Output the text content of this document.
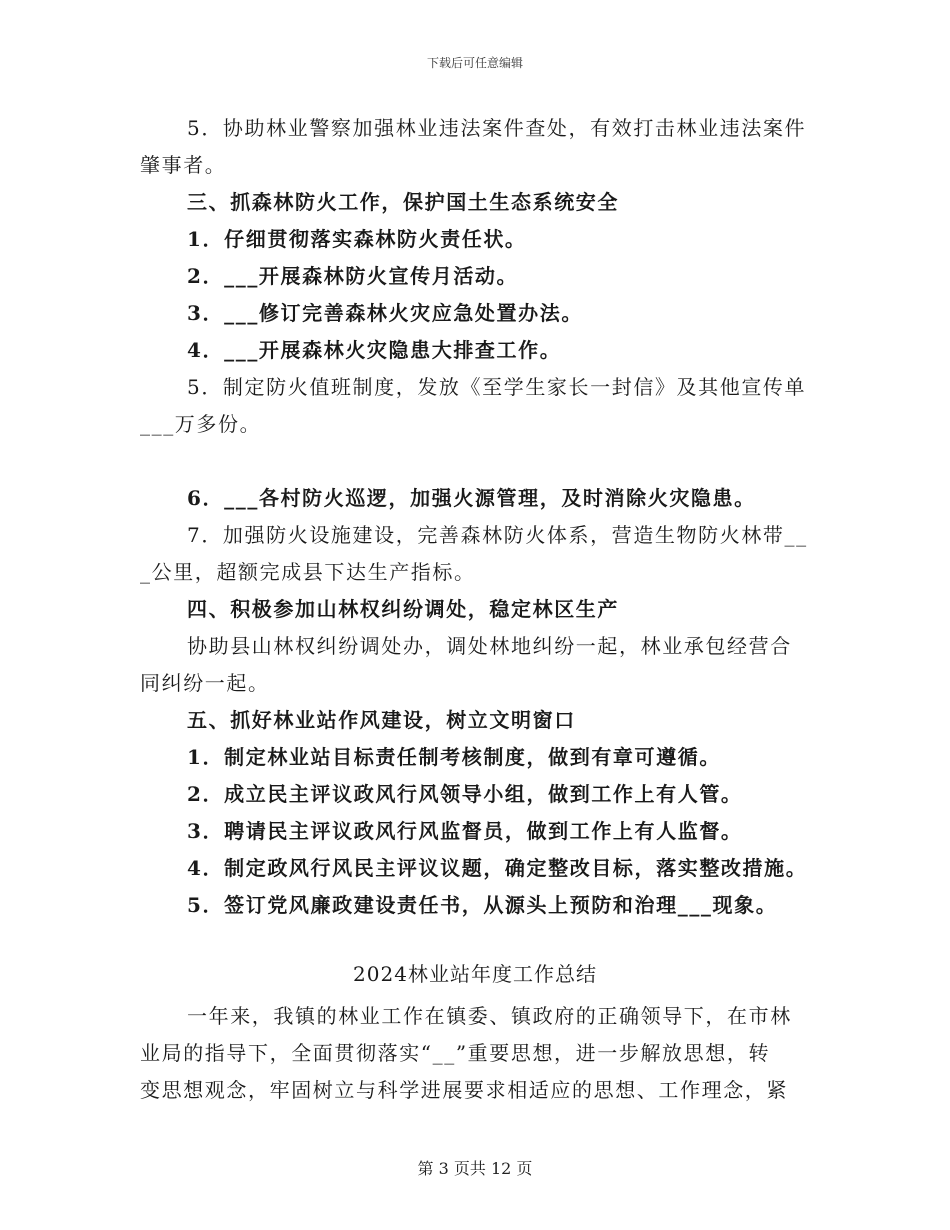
下载后可任意编辑
5．协助林业警察加强林业违法案件查处，有效打击林业违法案件
肇事者。
三、抓森林防火工作，保护国土生态系统安全
1．仔细贯彻落实森林防火责任状。
2．___开展森林防火宣传月活动。
3．___修订完善森林火灾应急处置办法。
4．___开展森林火灾隐患大排查工作。
5．制定防火值班制度，发放《至学生家长一封信》及其他宣传单
___万多份。
6．___各村防火巡逻，加强火源管理，及时消除火灾隐患。
7．加强防火设施建设，完善森林防火体系，营造生物防火林带__
_公里，超额完成县下达生产指标。
四、积极参加山林权纠纷调处，稳定林区生产
协助县山林权纠纷调处办，调处林地纠纷一起，林业承包经营合
同纠纷一起。
五、抓好林业站作风建设，树立文明窗口
1．制定林业站目标责任制考核制度，做到有章可遵循。
2．成立民主评议政风行风领导小组，做到工作上有人管。
3．聘请民主评议政风行风监督员，做到工作上有人监督。
4．制定政风行风民主评议议题，确定整改目标，落实整改措施。
5．签订党风廉政建设责任书，从源头上预防和治理___现象。
2024林业站年度工作总结
一年来，我镇的林业工作在镇委、镇政府的正确领导下，在市林
业局的指导下，全面贯彻落实“__”重要思想，进一步解放思想，转
变思想观念，牢固树立与科学进展要求相适应的思想、工作理念，紧
第 3 页共 12 页
